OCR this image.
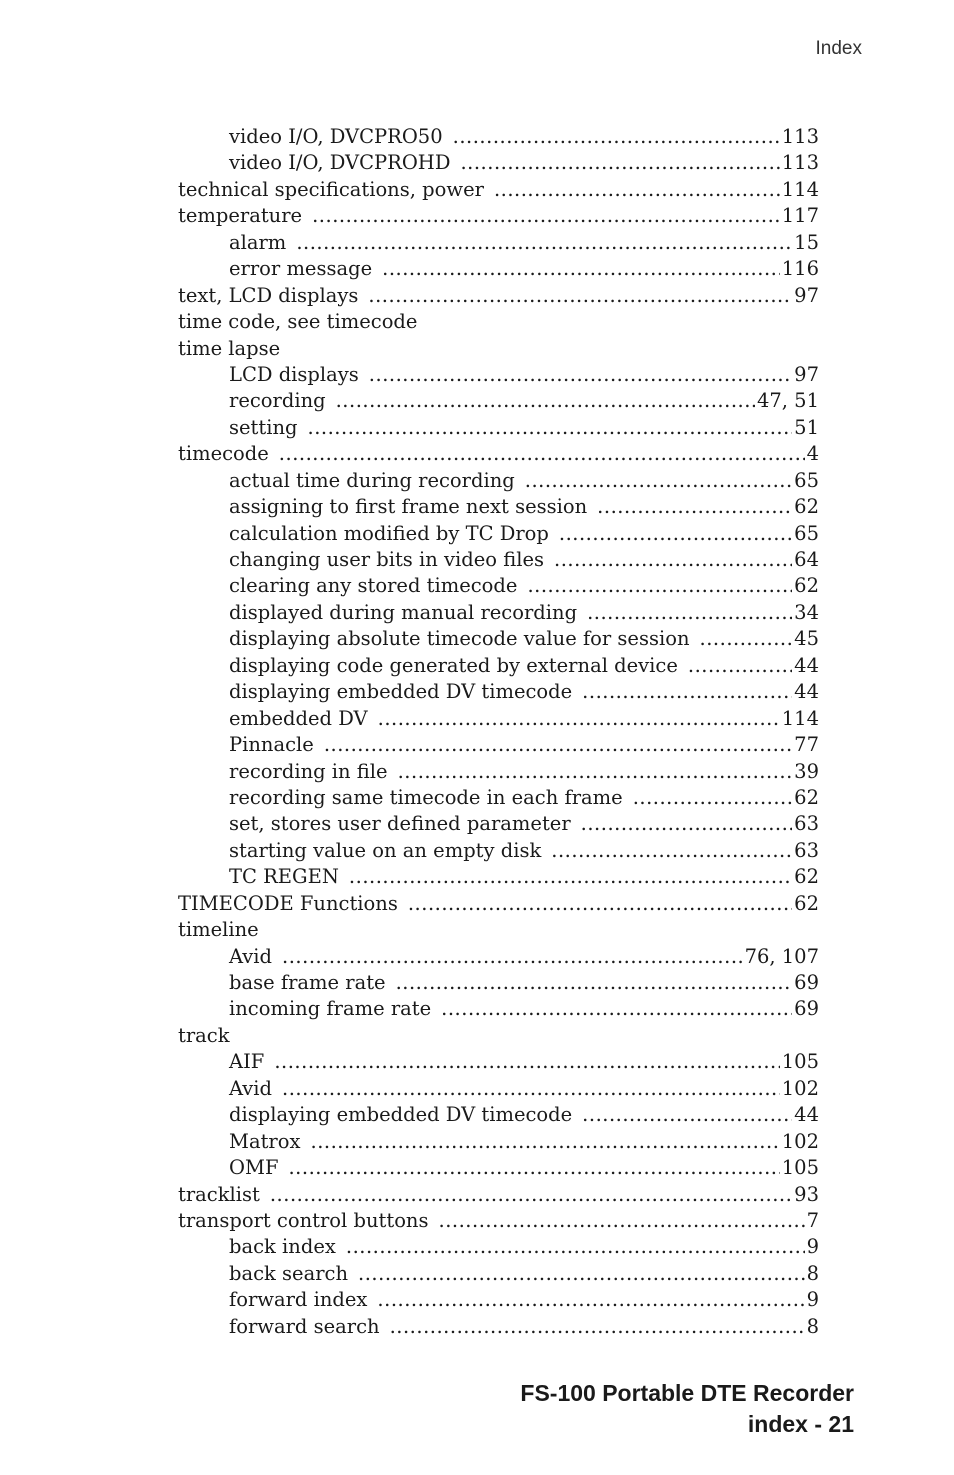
Index
video I/O, DVCPRO50 .....	113
video I/O, DVCPROHD .....	113
technical specifications, power .....	114
temperature .....	117
alarm .....	15
error message .....	116
text, LCD displays .....	97
time code, see timecode
time lapse
LCD displays .....	97
recording .....	47, 51
setting .....	51
timecode .....	4
actual time during recording .....	65
assigning to first frame next session .....	62
calculation modified by TC Drop .....	65
changing user bits in video files .....	64
clearing any stored timecode .....	62
displayed during manual recording .....	34
displaying absolute timecode value for session .....	45
displaying code generated by external device .....	44
displaying embedded DV timecode .....	44
embedded DV .....	114
Pinnacle .....	77
recording in file .....	39
recording same timecode in each frame .....	62
set, stores user defined parameter .....	63
starting value on an empty disk .....	63
TC REGEN .....	62
TIMECODE Functions .....	62
timeline
Avid .....	76, 107
base frame rate .....	69
incoming frame rate .....	69
track
AIF .....	105
Avid .....	102
displaying embedded DV timecode .....	44
Matrox .....	102
OMF .....	105
tracklist .....	93
transport control buttons .....	7
back index .....	9
back search .....	8
forward index .....	9
forward search .....	8
FS-100 Portable DTE Recorder
index - 21
